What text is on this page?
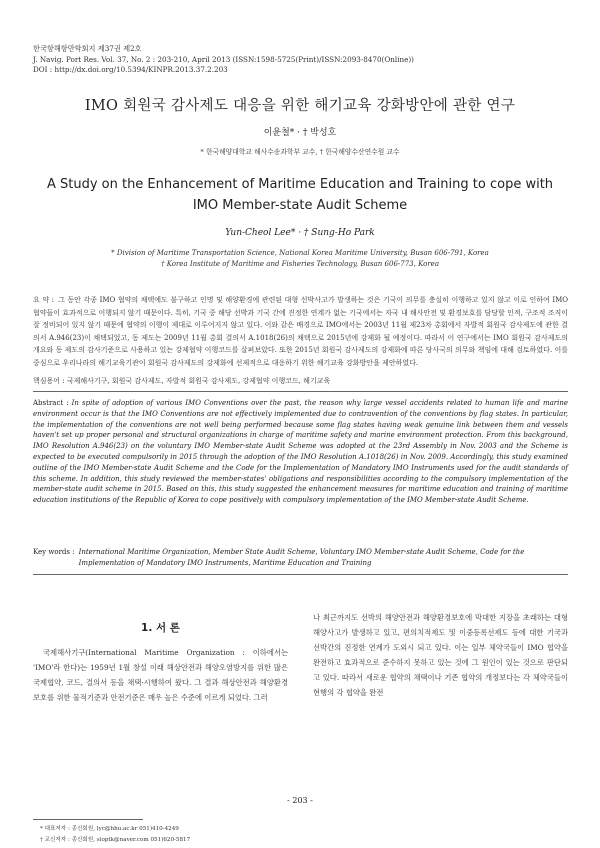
한국항해항만학회지 제37권 제2호
J. Navig. Port Res. Vol. 37, No. 2 : 203-210, April 2013 (ISSN:1598-5725(Print)/ISSN:2093-8470(Online))
DOI : http://dx.doi.org/10.5394/KINPR.2013.37.2.203
IMO 회원국 감사제도 대응을 위한 해기교육 강화방안에 관한 연구
이윤철* · † 박성호
* 한국해양대학교 해사수송과학부 교수, † 한국해양수산연수원 교수
A Study on the Enhancement of Maritime Education and Training to cope with IMO Member-state Audit Scheme
Yun-Cheol Lee* · † Sung-Ho Park
* Division of Maritime Transportation Science, National Korea Maritime University, Busan 606-791, Korea
† Korea Institute of Maritime and Fisheries Technology, Busan 606-773, Korea
요 약 : 그 동안 각종 IMO 협약의 채택에도 불구하고 인명 및 해양환경에 관련된 대형 선박사고가 발생하는 것은 기국이 의무를 충실히 이행하고 있지 않고 이로 인하여 IMO 협약들이 효과적으로 이행되지 않기 때문이다. 특히, 기국 중 해당 선박과 기국 간에 진정한 연계가 없는 기국에서는 자국 내 해사안전 및 환경보호를 담당할 인적, 구조적 조직이 잘 정비되어 있지 않기 때문에 협약의 이행이 제대로 이루어지지 않고 있다. 이와 같은 배경으로 IMO에서는 2003년 11월 제23차 총회에서 자발적 회원국 감사제도에 관한 결의서 A.946(23)이 채택되었고, 동 제도는 2009년 11월 총회 결의서 A.1018(26)의 채택으로 2015년에 강제화 될 예정이다. 따라서 이 연구에서는 IMO 회원국 감사제도의 개요와 동 제도의 감사기준으로 사용하고 있는 강제협약 이행코드를 살펴보았다. 또한 2015년 회원국 감사제도의 강제화에 따른 당사국의 의무와 책임에 대해 검토하였다. 이를 중심으로 우리나라의 해기교육기관이 회원국 감사제도의 강제화에 선제적으로 대응하기 위한 해기교육 강화방안을 제안하였다.
핵심용어 : 국제해사기구, 회원국 감사제도, 자발적 회원국 감사제도, 강제협약 이행코드, 해기교육
Abstract : In spite of adoption of various IMO Conventions over the past, the reason why large vessel accidents related to human life and marine environment occur is that the IMO Conventions are not effectively implemented due to contravention of the conventions by flag states. In particular, the implementation of the conventions are not well being performed because some flag states having weak genuine link between them and vessels haven't set up proper personal and structural organizations in charge of maritime safety and marine environment protection. From this background, IMO Resolution A.946(23) on the voluntary IMO Member-state Audit Scheme was adopted at the 23rd Assembly in Nov. 2003 and the Scheme is expected to be executed compulsorily in 2015 through the adoption of the IMO Resolution A.1018(26) in Nov. 2009. Accordingly, this study examined outline of the IMO Member-state Audit Scheme and the Code for the Implementation of Mandatory IMO Instruments used for the audit standards of this scheme. In addition, this study reviewed the member-states' obligations and responsibilities according to the compulsory implementation of the member-state audit scheme in 2015. Based on this, this study suggested the enhancement measures for maritime education and training of maritime education institutions of the Republic of Korea to cope positively with compulsory implementation of the IMO Member-state Audit Scheme.
Key words : International Maritime Organization, Member State Audit Scheme, Voluntary IMO Member-state Audit Scheme, Code for the Implementation of Mandatory IMO Instruments, Maritime Education and Training
1. 서 론
국제해사기구(International Maritime Organization : 이하에서는 'IMO'라 한다)는 1959년 1월 창설 이래 해상안전과 해양오염방지를 위한 많은 국제협약, 코드, 결의서 등을 채택·시행하여 왔다. 그 결과 해상안전과 해양환경보호를 위한 물적기준과 안전기준은 매우 높은 수준에 이르게 되었다. 그러
나 최근까지도 선박의 해양안전과 해양환경보호에 막대한 지장을 초래하는 대형 해양사고가 발생하고 있고, 편의치적제도 및 이중등록선제도 등에 대한 기국과 선박간의 진정한 연계가 도외시 되고 있다. 이는 일부 체약국들이 IMO 협약을 완전하고 효과적으로 준수하지 못하고 있는 것에 그 원인이 있는 것으로 판단되고 있다. 따라서 새로운 협약의 채택이나 기존 협약의 개정보다는 각 체약국들이 현행의 각 협약을 완전
- 203 -
* 대표저자 : 종신회원, lyc@hhu.ac.kr 051)410-4249
† 교신저자 : 종신회원, sloptk@naver.com 051)620-5817
